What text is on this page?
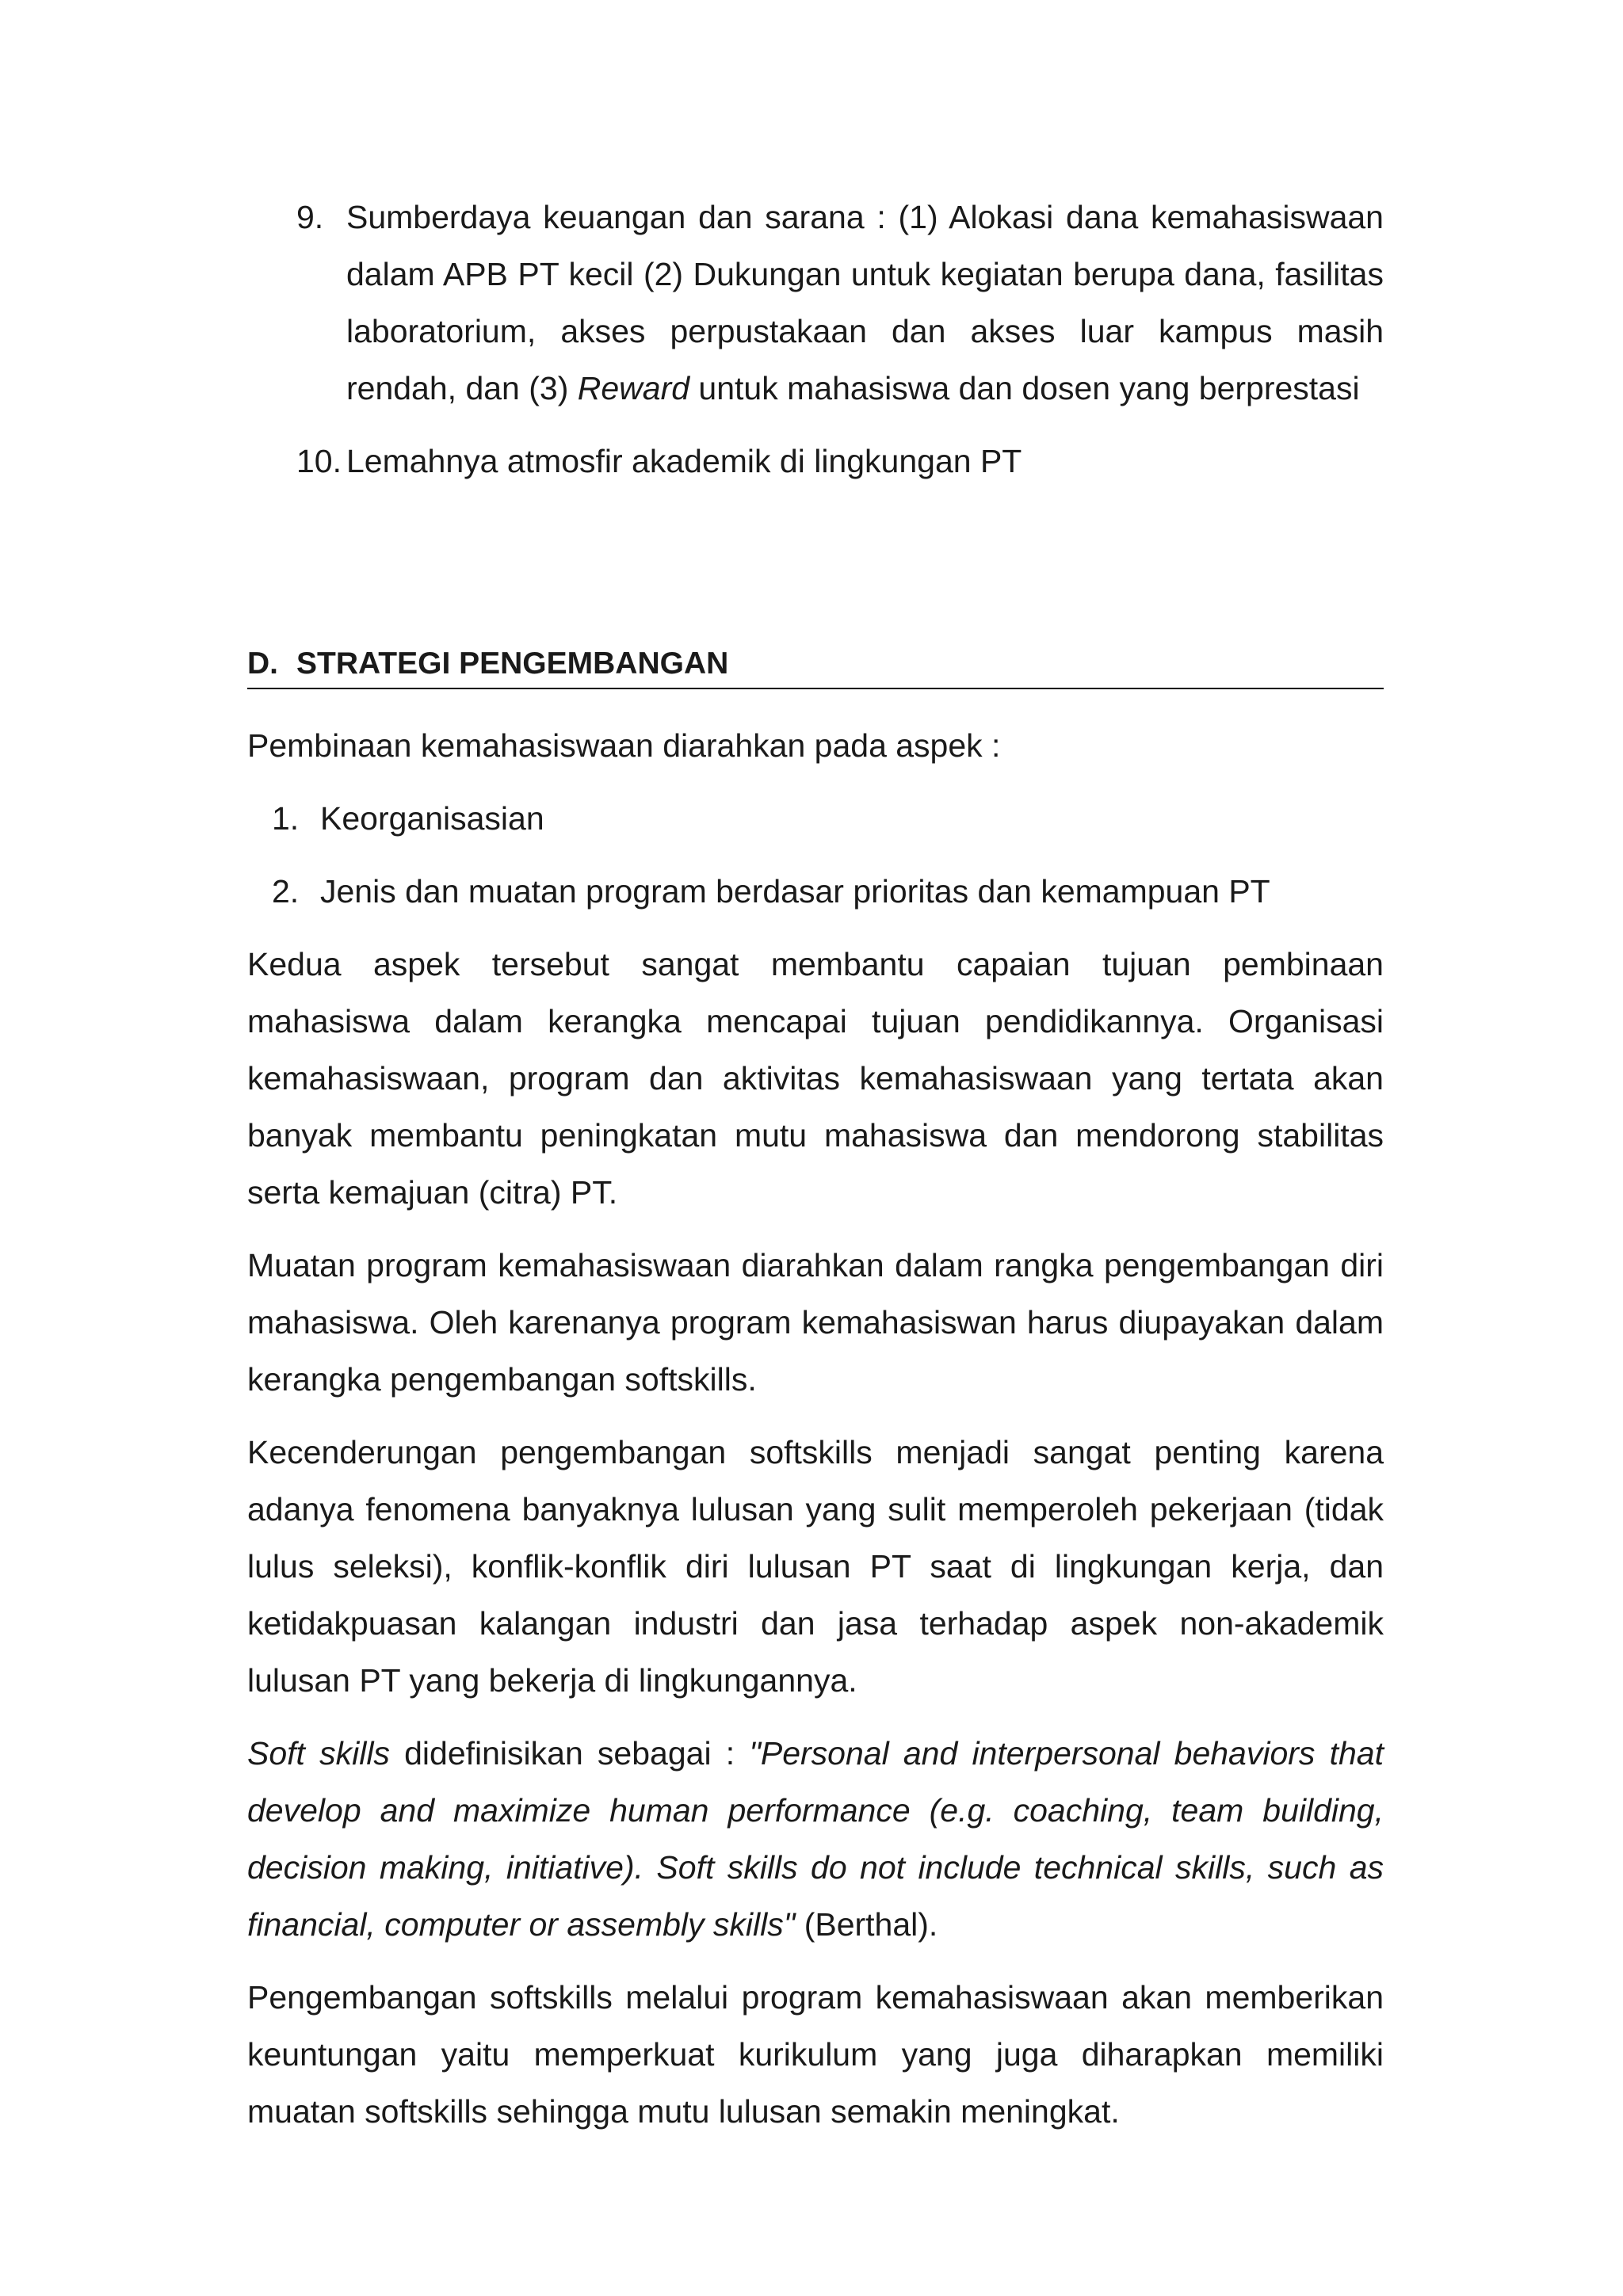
9. Sumberdaya keuangan dan sarana : (1) Alokasi dana kemahasiswaan dalam APB PT kecil (2) Dukungan untuk kegiatan berupa dana, fasilitas laboratorium, akses perpustakaan dan akses luar kampus masih rendah, dan (3) Reward untuk mahasiswa dan dosen yang berprestasi
10. Lemahnya atmosfir akademik di lingkungan PT
D. STRATEGI PENGEMBANGAN

Pembinaan kemahasiswaan diarahkan pada aspek :

1. Keorganisasian
2. Jenis dan muatan program berdasar prioritas dan kemampuan PT

Kedua aspek tersebut sangat membantu capaian tujuan pembinaan mahasiswa dalam kerangka mencapai tujuan pendidikannya. Organisasi kemahasiswaan, program dan aktivitas kemahasiswaan yang tertata akan banyak membantu peningkatan mutu mahasiswa dan mendorong stabilitas serta kemajuan (citra) PT.

Muatan program kemahasiswaan diarahkan dalam rangka pengembangan diri mahasiswa. Oleh karenanya program kemahasiswan harus diupayakan dalam kerangka pengembangan softskills.

Kecenderungan pengembangan softskills menjadi sangat penting karena adanya fenomena banyaknya lulusan yang sulit memperoleh pekerjaan (tidak lulus seleksi), konflik-konflik diri lulusan PT saat di lingkungan kerja, dan ketidakpuasan kalangan industri dan jasa terhadap aspek non-akademik lulusan PT yang bekerja di lingkungannya.

Soft skills didefinisikan sebagai : "Personal and interpersonal behaviors that develop and maximize human performance (e.g. coaching, team building, decision making, initiative). Soft skills do not include technical skills, such as financial, computer or assembly skills" (Berthal).

Pengembangan softskills melalui program kemahasiswaan akan memberikan keuntungan yaitu memperkuat kurikulum yang juga diharapkan memiliki muatan softskills sehingga mutu lulusan semakin meningkat.
